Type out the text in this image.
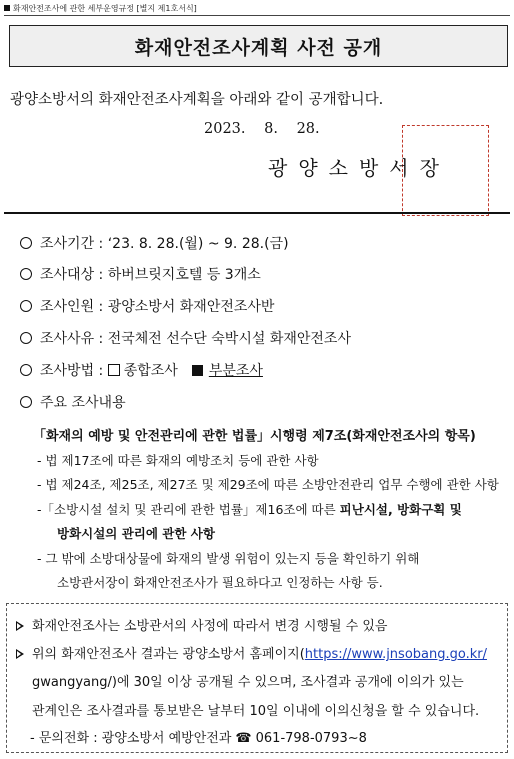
화재안전조사에 관한 세부운영규정 [별지 제1호서식]
화재안전조사계획 사전 공개
광양소방서의 화재안전조사계획을 아래와 같이 공개합니다.
2023. 8. 28.
광양소방서장
조사기간 : ‘23. 8. 28.(월) ~ 9. 28.(금)
조사대상 : 하버브릿지호텔 등 3개소
조사인원 : 광양소방서 화재안전조사반
조사사유 : 전국체전 선수단 숙박시설 화재안전조사
조사방법 : 종합조사 부분조사
주요 조사내용
「화재의 예방 및 안전관리에 관한 법률」시행령 제7조(화재안전조사의 항목)
- 법 제17조에 따른 화재의 예방조치 등에 관한 사항
- 법 제24조, 제25조, 제27조 및 제29조에 따른 소방안전관리 업무 수행에 관한 사항
-「소방시설 설치 및 관리에 관한 법률」제16조에 따른 피난시설, 방화구획 및
방화시설의 관리에 관한 사항
- 그 밖에 소방대상물에 화재의 발생 위험이 있는지 등을 확인하기 위해
소방관서장이 화재안전조사가 필요하다고 인정하는 사항 등.
화재안전조사는 소방관서의 사정에 따라서 변경 시행될 수 있음
위의 화재안전조사 결과는 광양소방서 홈페이지(https://www.jnsobang.go.kr/
gwangyang/)에 30일 이상 공개될 수 있으며, 조사결과 공개에 이의가 있는
관계인은 조사결과를 통보받은 날부터 10일 이내에 이의신청을 할 수 있습니다.
- 문의전화 : 광양소방서 예방안전과 ☎ 061-798-0793~8
